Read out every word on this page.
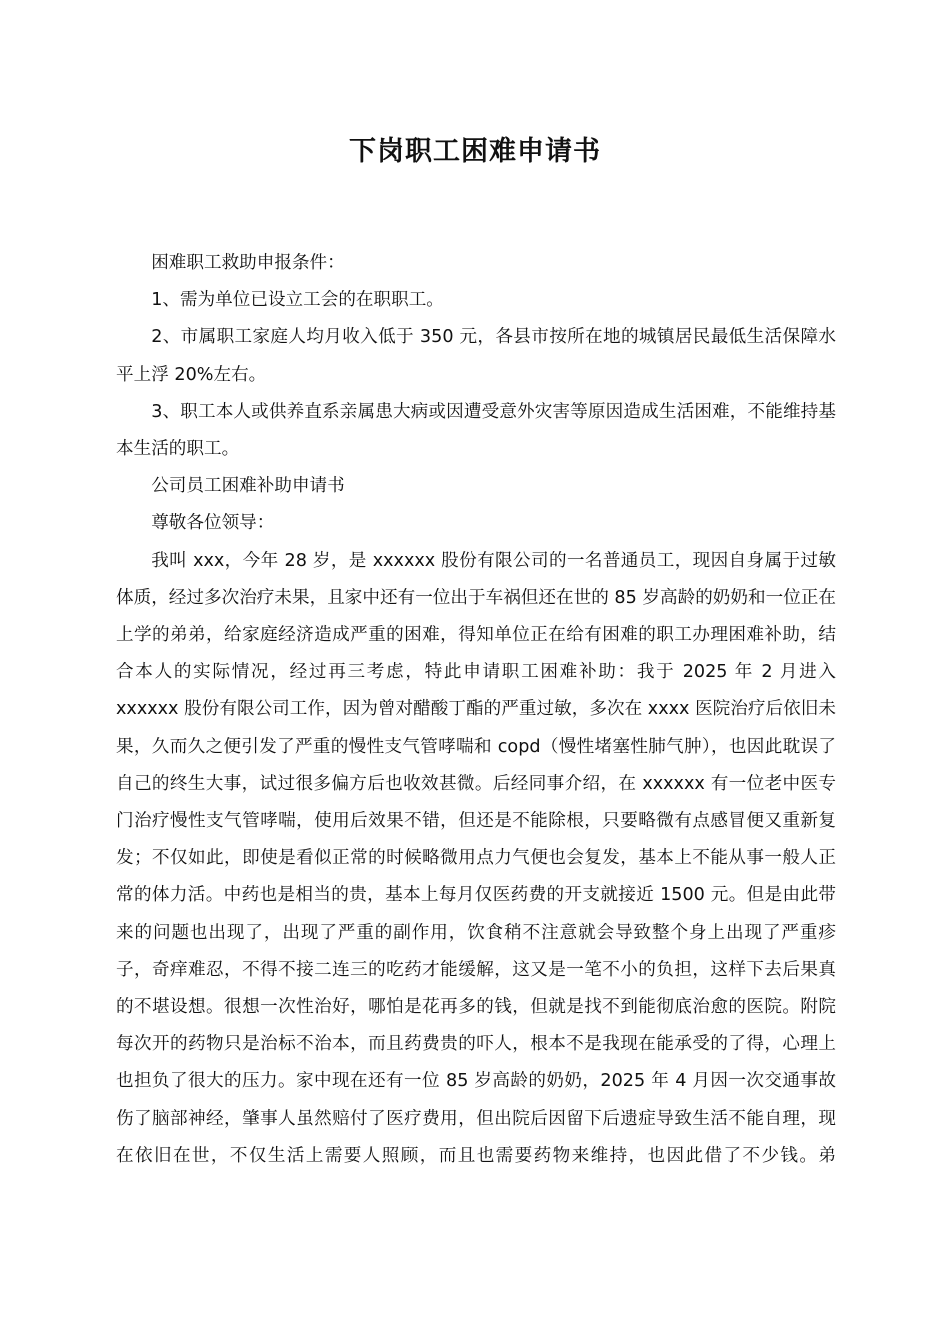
下岗职工困难申请书

困难职工救助申报条件：

1、需为单位已设立工会的在职职工。

2、市属职工家庭人均月收入低于 350 元，各县市按所在地的城镇居民最低生活保障水平上浮 20%左右。

3、职工本人或供养直系亲属患大病或因遭受意外灾害等原因造成生活困难，不能维持基本生活的职工。

公司员工困难补助申请书

尊敬各位领导：

我叫 xxx，今年 28 岁，是 xxxxxx 股份有限公司的一名普通员工，现因自身属于过敏体质，经过多次治疗未果，且家中还有一位出于车祸但还在世的 85 岁高龄的奶奶和一位正在上学的弟弟，给家庭经济造成严重的困难，得知单位正在给有困难的职工办理困难补助，结合本人的实际情况，经过再三考虑，特此申请职工困难补助：我于 2025 年 2 月进入 xxxxxx 股份有限公司工作，因为曾对醋酸丁酯的严重过敏，多次在 xxxx 医院治疗后依旧未果，久而久之便引发了严重的慢性支气管哮喘和 copd（慢性堵塞性肺气肿），也因此耽误了自己的终生大事，试过很多偏方后也收效甚微。后经同事介绍，在 xxxxxx 有一位老中医专门治疗慢性支气管哮喘，使用后效果不错，但还是不能除根，只要略微有点感冒便又重新复发；不仅如此，即使是看似正常的时候略微用点力气便也会复发，基本上不能从事一般人正常的体力活。中药也是相当的贵，基本上每月仅医药费的开支就接近 1500 元。但是由此带来的问题也出现了，出现了严重的副作用，饮食稍不注意就会导致整个身上出现了严重疹子，奇痒难忍，不得不接二连三的吃药才能缓解，这又是一笔不小的负担，这样下去后果真的不堪设想。很想一次性治好，哪怕是花再多的钱，但就是找不到能彻底治愈的医院。附院每次开的药物只是治标不治本，而且药费贵的吓人，根本不是我现在能承受的了得，心理上也担负了很大的压力。家中现在还有一位 85 岁高龄的奶奶，2025 年 4 月因一次交通事故伤了脑部神经，肇事人虽然赔付了医疗费用，但出院后因留下后遗症导致生活不能自理，现在依旧在世，不仅生活上需要人照顾，而且也需要药物来维持，也因此借了不少钱。弟
